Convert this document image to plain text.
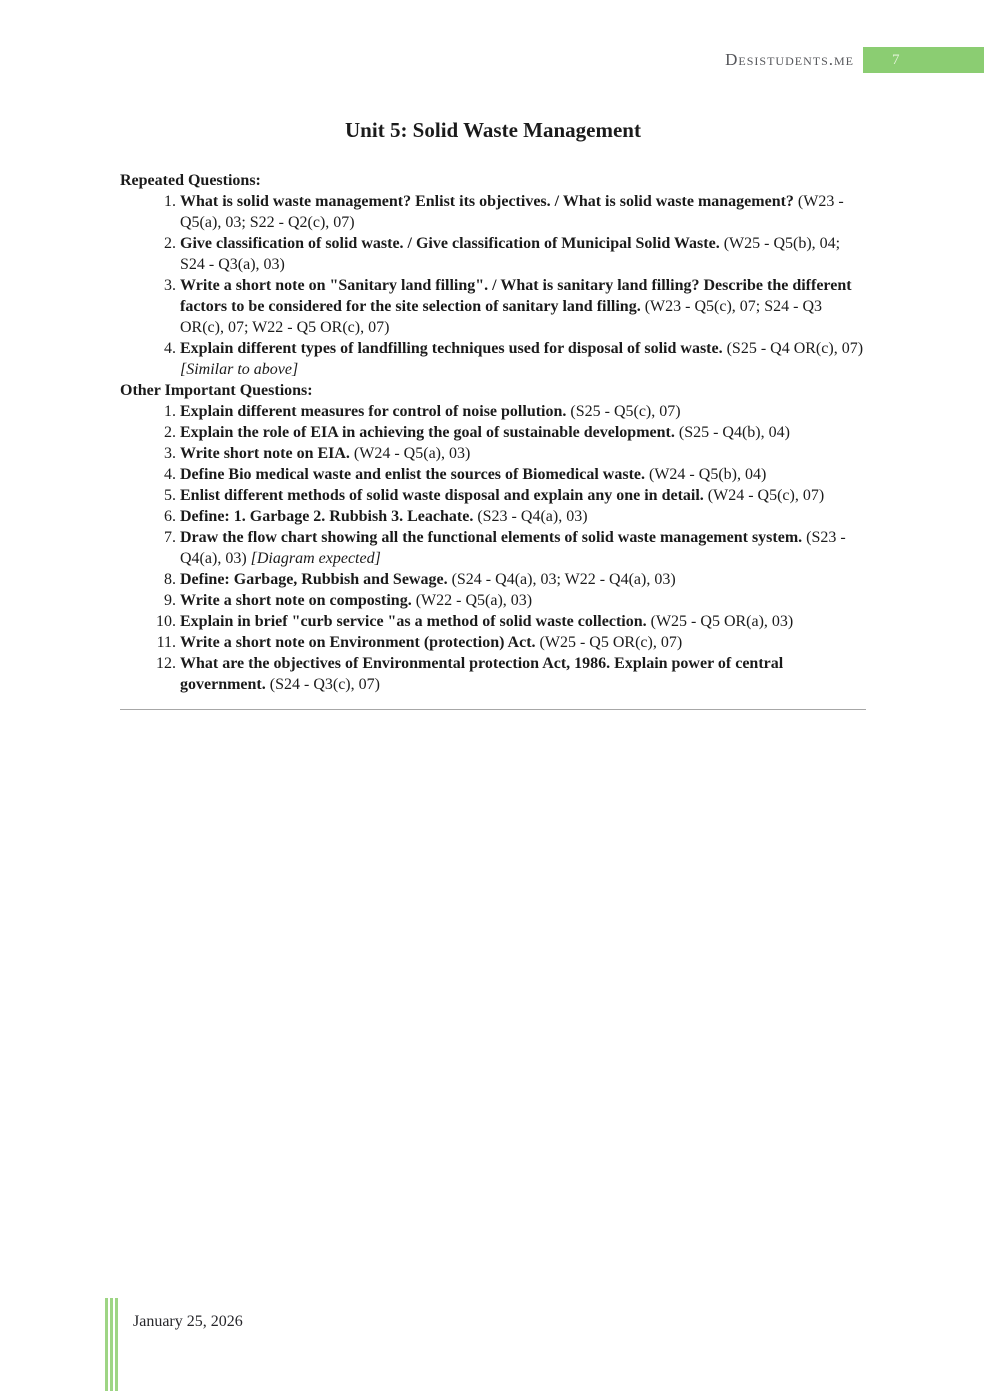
Desistudents.me	7
Unit 5: Solid Waste Management
Repeated Questions:
1. What is solid waste management? Enlist its objectives. / What is solid waste management? (W23 - Q5(a), 03; S22 - Q2(c), 07)
2. Give classification of solid waste. / Give classification of Municipal Solid Waste. (W25 - Q5(b), 04; S24 - Q3(a), 03)
3. Write a short note on "Sanitary land filling". / What is sanitary land filling? Describe the different factors to be considered for the site selection of sanitary land filling. (W23 - Q5(c), 07; S24 - Q3 OR(c), 07; W22 - Q5 OR(c), 07)
4. Explain different types of landfilling techniques used for disposal of solid waste. (S25 - Q4 OR(c), 07) [Similar to above]
Other Important Questions:
1. Explain different measures for control of noise pollution. (S25 - Q5(c), 07)
2. Explain the role of EIA in achieving the goal of sustainable development. (S25 - Q4(b), 04)
3. Write short note on EIA. (W24 - Q5(a), 03)
4. Define Bio medical waste and enlist the sources of Biomedical waste. (W24 - Q5(b), 04)
5. Enlist different methods of solid waste disposal and explain any one in detail. (W24 - Q5(c), 07)
6. Define: 1. Garbage 2. Rubbish 3. Leachate. (S23 - Q4(a), 03)
7. Draw the flow chart showing all the functional elements of solid waste management system. (S23 - Q4(a), 03) [Diagram expected]
8. Define: Garbage, Rubbish and Sewage. (S24 - Q4(a), 03; W22 - Q4(a), 03)
9. Write a short note on composting. (W22 - Q5(a), 03)
10. Explain in brief "curb service "as a method of solid waste collection. (W25 - Q5 OR(a), 03)
11. Write a short note on Environment (protection) Act. (W25 - Q5 OR(c), 07)
12. What are the objectives of Environmental protection Act, 1986. Explain power of central government. (S24 - Q3(c), 07)
January 25, 2026
